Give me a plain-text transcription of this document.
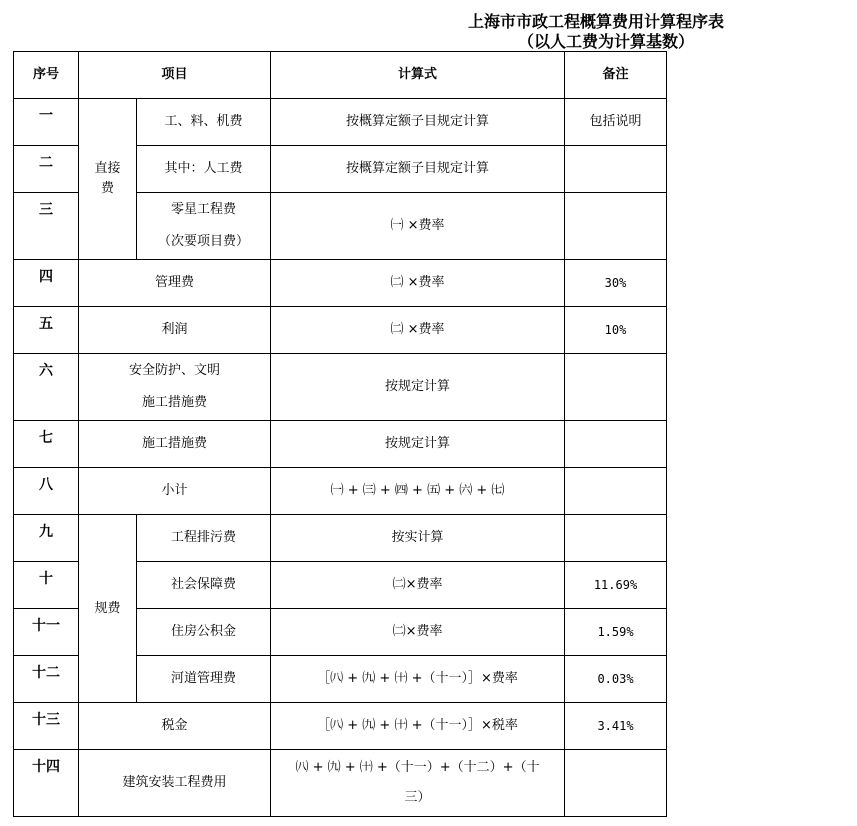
上海市市政工程概算费用计算程序表
（以人工费为计算基数）
序号	项目		计算式	备注
一	直接费	工、料、机费	按概算定额子目规定计算	包括说明
二		其中：人工费	按概算定额子目规定计算	
三		零星工程费
（次要项目费）	㈠ ×费率	
四	管理费		㈡ ×费率	30%
五	利润		㈡ ×费率	10%
六	安全防护、文明
施工措施费		按规定计算	
七	施工措施费		按规定计算	
八	小计		㈠ + ㈢ + ㈣ + ㈤ + ㈥ + ㈦	
九	规费	工程排污费	按实计算	
十		社会保障费	㈡×费率	11.69%
十一		住房公积金	㈡×费率	1.59%
十二		河道管理费	［㈧ + ㈨ + ㈩ +（十一）］×费率	0.03%
十三	税金		［㈧ + ㈨ + ㈩ +（十一）］×税率	3.41%
十四	建筑安装工程费用		㈧ + ㈨ + ㈩ +（十一）+（十二）+（十
三）	
